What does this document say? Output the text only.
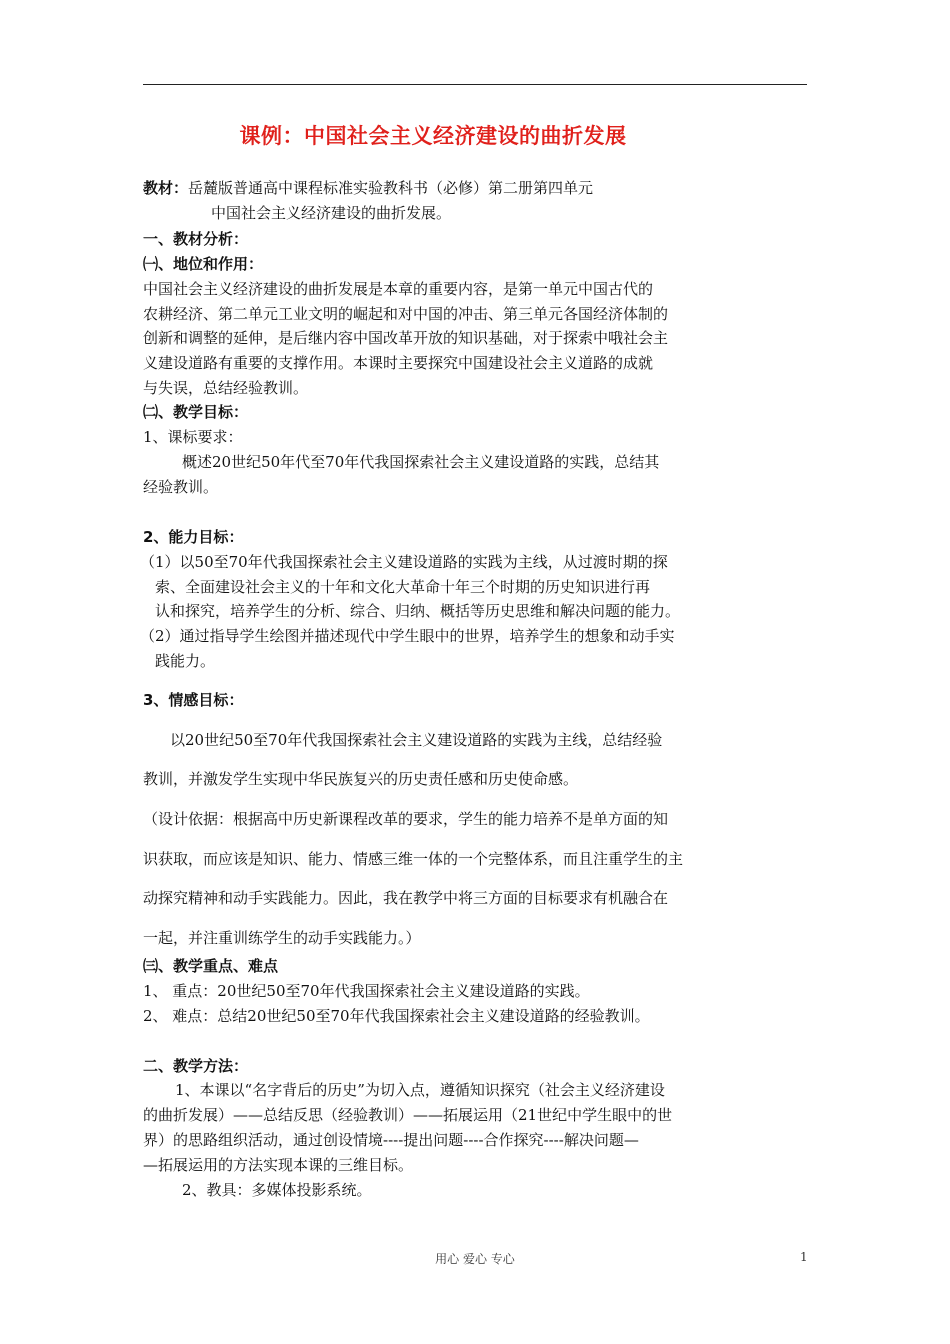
课例：中国社会主义经济建设的曲折发展
教材：岳麓版普通高中课程标准实验教科书（必修）第二册第四单元
中国社会主义经济建设的曲折发展。
一、教材分析：
㈠、地位和作用：
中国社会主义经济建设的曲折发展是本章的重要内容，是第一单元中国古代的
农耕经济、第二单元工业文明的崛起和对中国的冲击、第三单元各国经济体制的
创新和调整的延伸，是后继内容中国改革开放的知识基础，对于探索中哦社会主
义建设道路有重要的支撑作用。本课时主要探究中国建设社会主义道路的成就
与失误，总结经验教训。
㈡、教学目标：
1、课标要求：
概述20世纪50年代至70年代我国探索社会主义建设道路的实践，总结其
经验教训。
2、能力目标：
（1）以50至70年代我国探索社会主义建设道路的实践为主线，从过渡时期的探
索、全面建设社会主义的十年和文化大革命十年三个时期的历史知识进行再
认和探究，培养学生的分析、综合、归纳、概括等历史思维和解决问题的能力。
（2）通过指导学生绘图并描述现代中学生眼中的世界，培养学生的想象和动手实
践能力。
3、情感目标：
以20世纪50至70年代我国探索社会主义建设道路的实践为主线，总结经验
教训，并激发学生实现中华民族复兴的历史责任感和历史使命感。
（设计依据：根据高中历史新课程改革的要求，学生的能力培养不是单方面的知
识获取，而应该是知识、能力、情感三维一体的一个完整体系，而且注重学生的主
动探究精神和动手实践能力。因此，我在教学中将三方面的目标要求有机融合在
一起，并注重训练学生的动手实践能力。）
㈢、教学重点、难点
1、 重点：20世纪50至70年代我国探索社会主义建设道路的实践。
2、 难点：总结20世纪50至70年代我国探索社会主义建设道路的经验教训。
二、教学方法：
1、本课以“名字背后的历史”为切入点，遵循知识探究（社会主义经济建设
的曲折发展）——总结反思（经验教训）——拓展运用（21世纪中学生眼中的世
界）的思路组织活动，通过创设情境----提出问题----合作探究----解决问题—
—拓展运用的方法实现本课的三维目标。
2、教具：多媒体投影系统。
用心 爱心 专心	1
